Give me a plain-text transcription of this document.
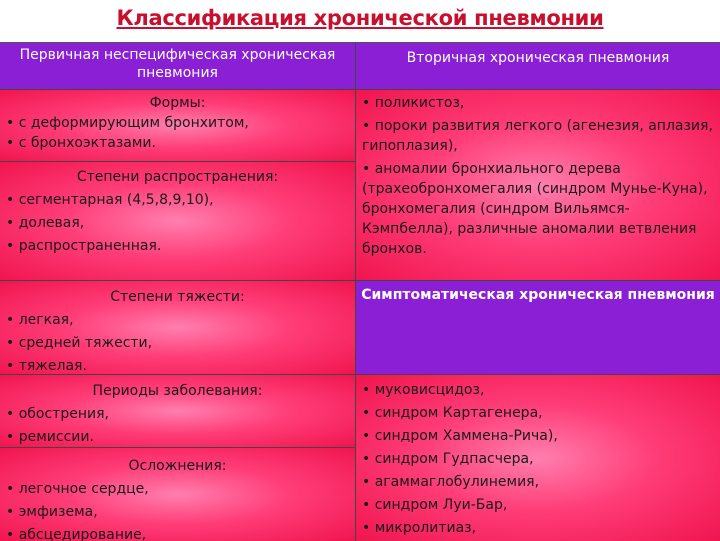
Классификация хронической пневмонии
Первичная неспецифическая хроническая пневмония
Вторичная хроническая пневмония
Формы:
• с деформирующим бронхитом,
• с бронхоэктазами.
Степени распространения:
• сегментарная (4,5,8,9,10),
• долевая,
• распространенная.
Степени тяжести:
• легкая,
• средней тяжести,
• тяжелая.
Периоды заболевания:
• обострения,
• ремиссии.
Осложнения:
• легочное сердце,
• эмфизема,
• абсцедирование,
• поликистоз,
• пороки развития легкого (агенезия, аплазия, гипоплазия),
• аномалии бронхиального дерева (трахеобронхомегалия (синдром Мунье-Куна), бронхомегалия (синдром Вильямся-Кэмпбелла), различные аномалии ветвления бронхов.
Симптоматическая хроническая пневмония
• муковисцидоз,
• синдром Картагенера,
• синдром Хаммена-Рича),
• синдром Гудпасчера,
• агаммаглобулинемия,
• синдром Луи-Бар,
• микролитиаз,
